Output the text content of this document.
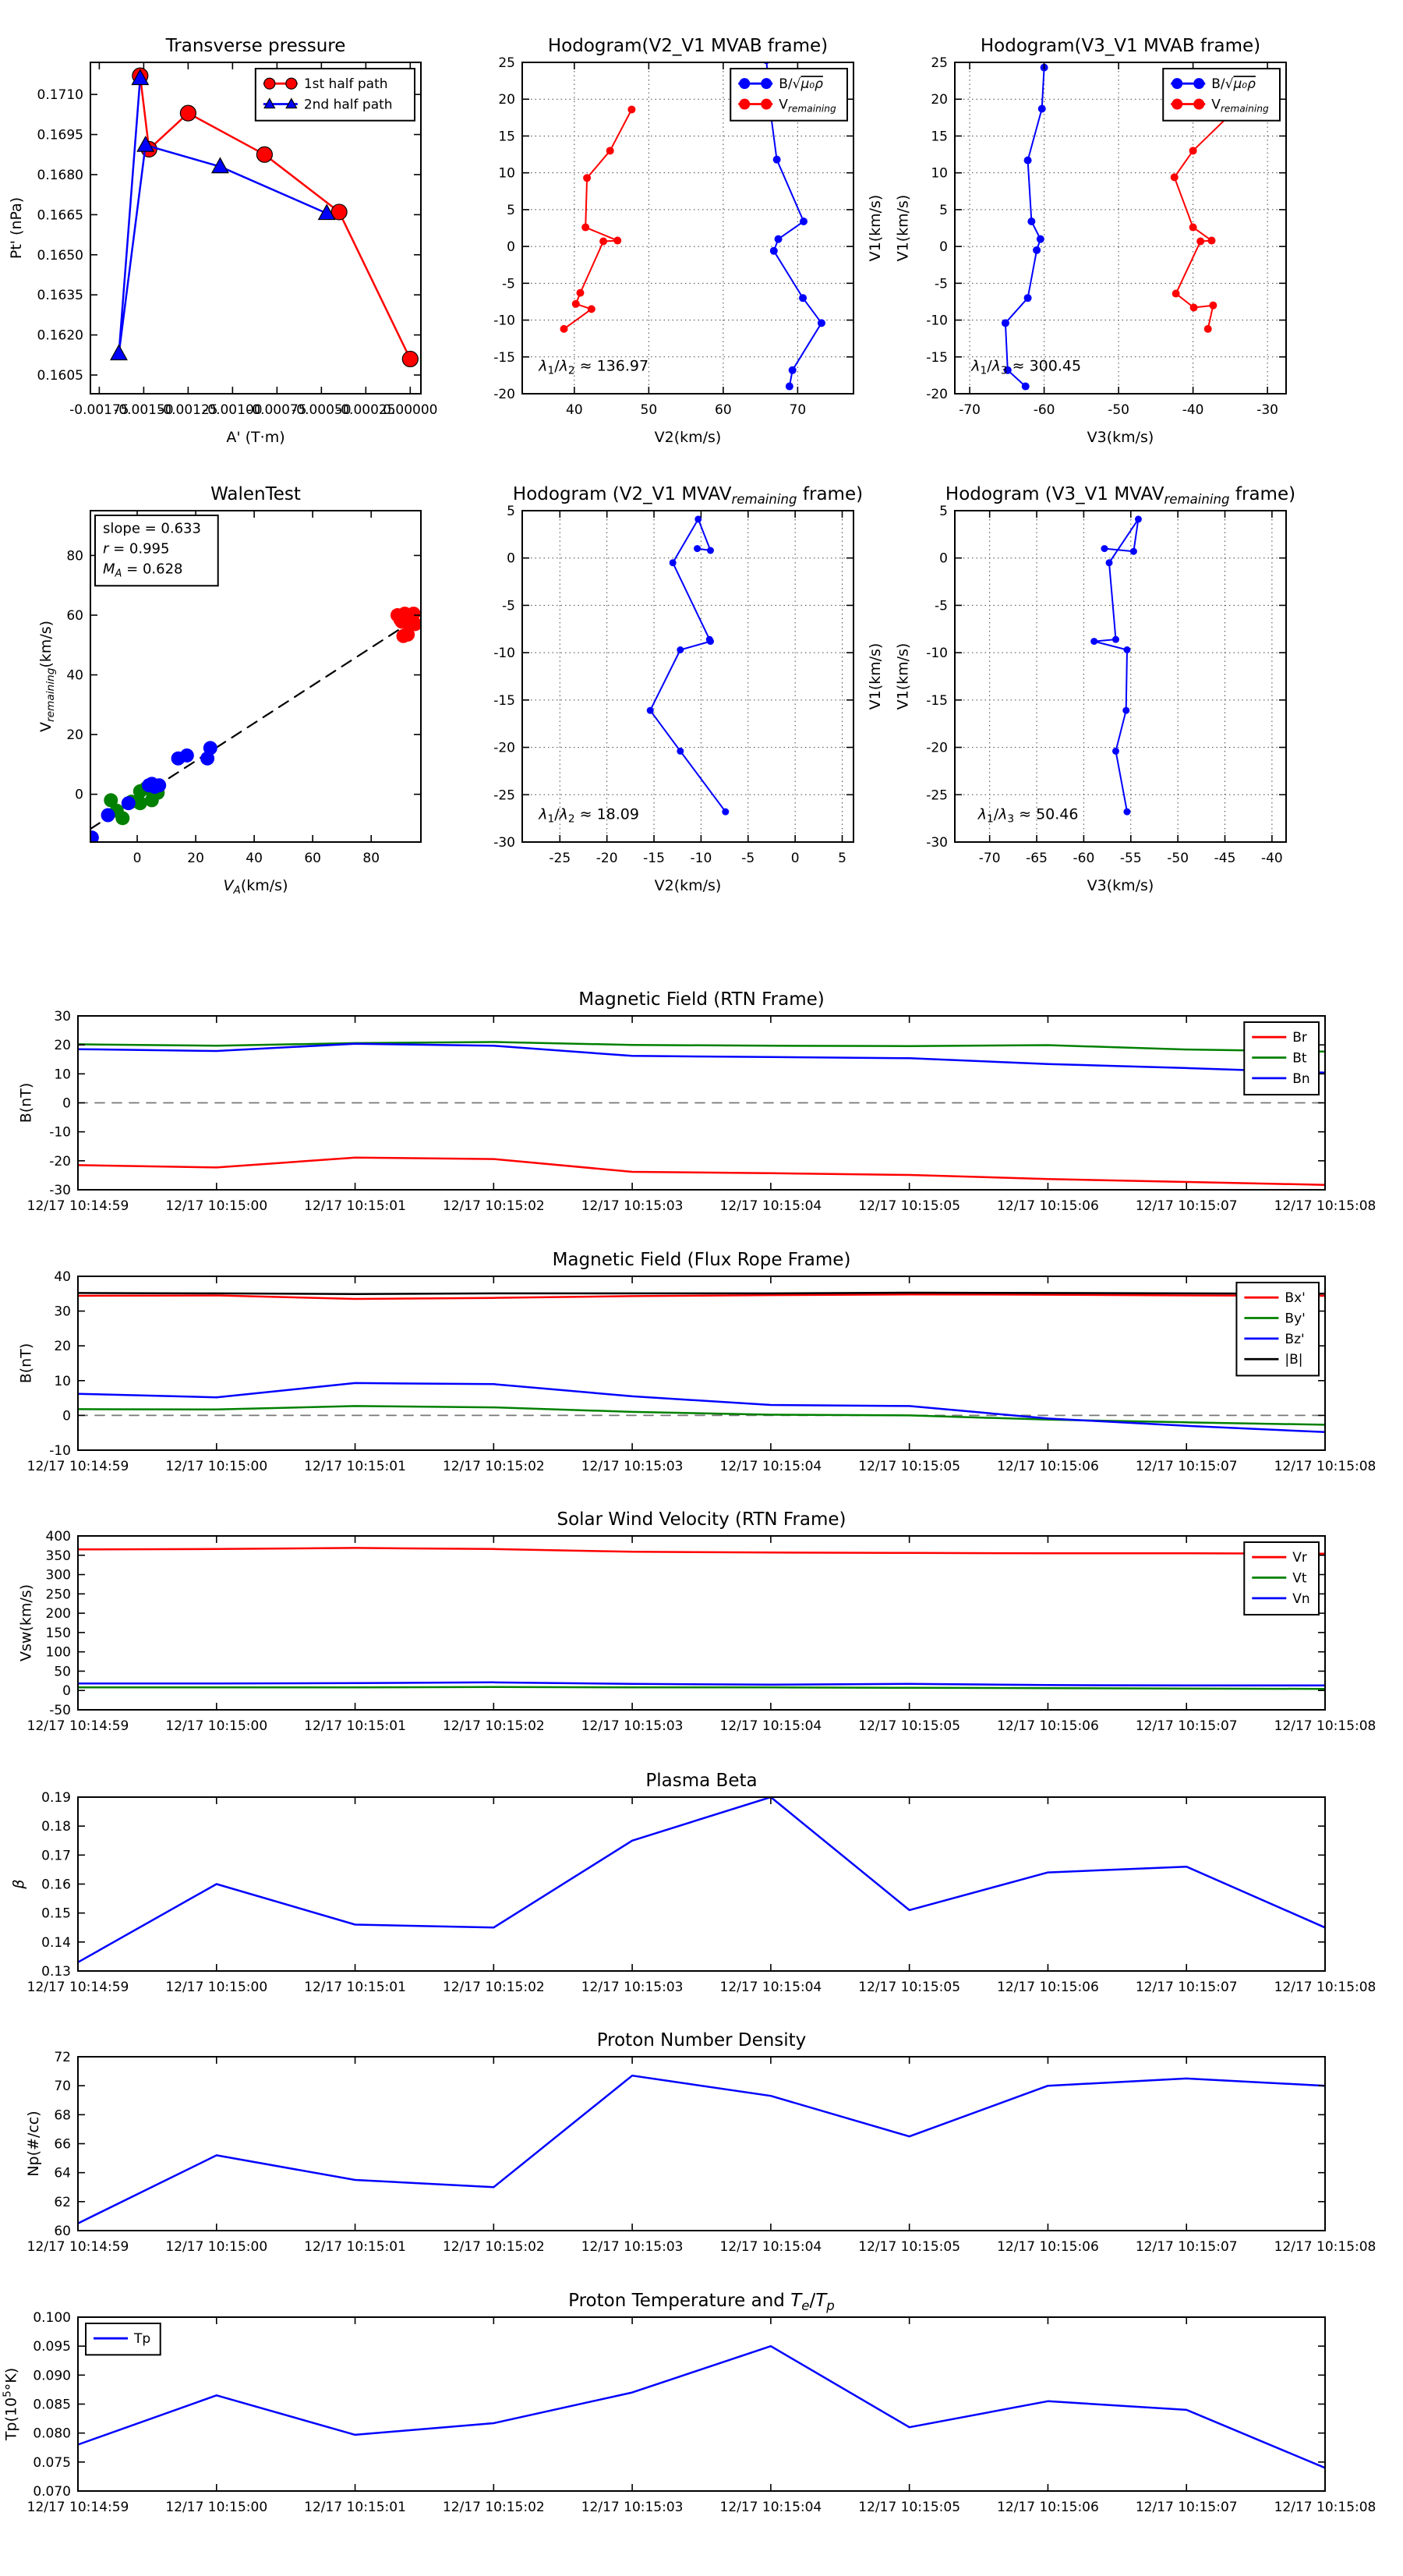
-0.00175
-0.00150
-0.00125
-0.00100
-0.00075
-0.00050
-0.00025
0.00000
0.1605
0.1620
0.1635
0.1650
0.1665
0.1680
0.1695
0.1710
Transverse pressure
A' (T·m)
Pt' (nPa)
1st half path
2nd half path
40	50	60	70
-20
-15
-10
-5
0
5
10
15
20
25
Hodogram(V2_V1 MVAB frame)
V2(km/s)
V1(km/s)
$\lambda_1/\lambda_2 \approx 136.97$
B/√μ₀ρ
$V_{remaining}$
-70	-60	-50	-40	-30
-20
-15
-10
-5
0
5
10
15
20
25
Hodogram(V3_V1 MVAB frame)
V3(km/s)
V1(km/s)
$\lambda_1/\lambda_3 \approx 300.45$
B/√μ₀ρ
$V_{remaining}$
0	20	40	60	80
0
20
40
60
80
WalenTest
$V_A(km/s)$
$V_{remaining}(km/s)$
slope = 0.633
r = 0.995
$M_A = 0.628$
-25 -20 -15 -10 -5	0	5
-30
-25
-20
-15
-10
-5
0
5
Hodogram (V2_V1 $MVAV_{remaining}$ frame)
V2(km/s)
V1(km/s)
$\lambda_1/\lambda_2 \approx 18.09$
-70 -65 -60 -55 -50 -45 -40
-30
-25
-20
-15
-10
-5
0
5
Hodogram (V3_V1 $MVAV_{remaining}$ frame)
V3(km/s)
V1(km/s)
$\lambda_1/\lambda_3 \approx 50.46$
12/17 10:14:59	12/17 10:15:00	12/17 10:15:01	12/17 10:15:02	12/17 10:15:03	12/17 10:15:04	12/17 10:15:05	12/17 10:15:06	12/17 10:15:07	12/17 10:15:08
-30
-20
-10
0
10
20
30
Magnetic Field (RTN Frame)
B(nT)
Br
Bt
Bn
12/17 10:14:59	12/17 10:15:00	12/17 10:15:01	12/17 10:15:02	12/17 10:15:03	12/17 10:15:04	12/17 10:15:05	12/17 10:15:06	12/17 10:15:07	12/17 10:15:08
-10
0
10
20
30
40
Magnetic Field (Flux Rope Frame)
B(nT)
Bx'
By'
Bz'
|B|
12/17 10:14:59	12/17 10:15:00	12/17 10:15:01	12/17 10:15:02	12/17 10:15:03	12/17 10:15:04	12/17 10:15:05	12/17 10:15:06	12/17 10:15:07	12/17 10:15:08
-50
0
50
100
150
200
250
300
350
400
Solar Wind Velocity (RTN Frame)
Vsw(km/s)
Vr
Vt
Vn
12/17 10:14:59	12/17 10:15:00	12/17 10:15:01	12/17 10:15:02	12/17 10:15:03	12/17 10:15:04	12/17 10:15:05	12/17 10:15:06	12/17 10:15:07	12/17 10:15:08
0.13
0.14
0.15
0.16
0.17
0.18
0.19
Plasma Beta
β
12/17 10:14:59	12/17 10:15:00	12/17 10:15:01	12/17 10:15:02	12/17 10:15:03	12/17 10:15:04	12/17 10:15:05	12/17 10:15:06	12/17 10:15:07	12/17 10:15:08
60
62
64
66
68
70
72
Proton Number Density
Np(#/cc)
12/17 10:14:59	12/17 10:15:00	12/17 10:15:01	12/17 10:15:02	12/17 10:15:03	12/17 10:15:04	12/17 10:15:05	12/17 10:15:06	12/17 10:15:07	12/17 10:15:08
0.070
0.075
0.080
0.085
0.090
0.095
0.100
Proton Temperature and $T_e/T_p$
$Tp(10^5^\circ K)$
Tp
